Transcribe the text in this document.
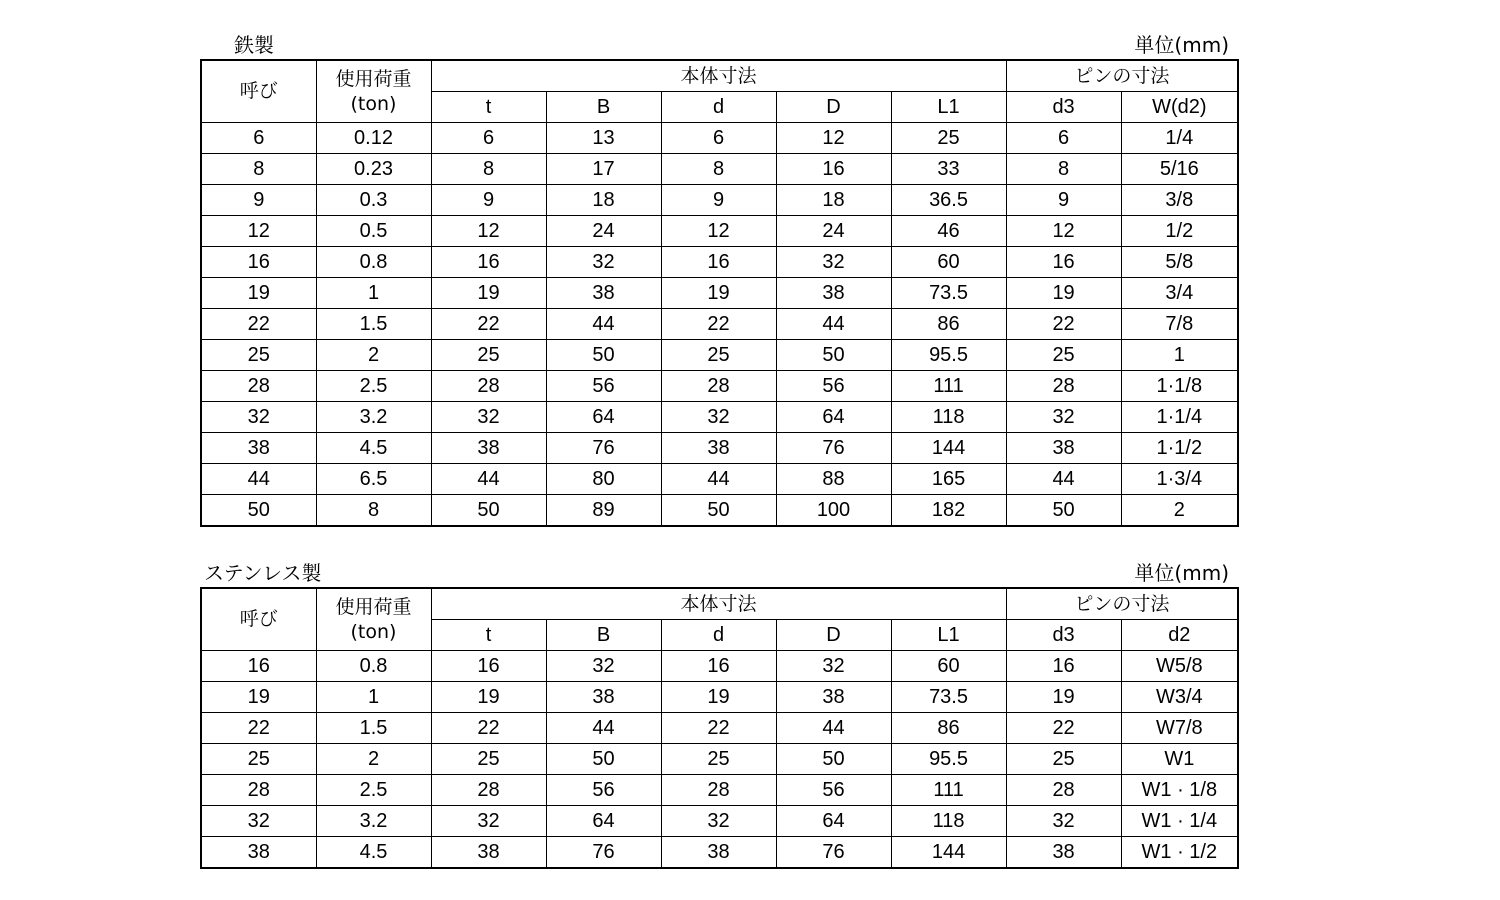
鉄製	単位(mm)
呼び	使用荷重
(ton)	本体寸法					ピンの寸法	
		t	B	d	D	L1	d3	W(d2)
6	0.12	6	13	6	12	25	6	1/4
8	0.23	8	17	8	16	33	8	5/16
9	0.3	9	18	9	18	36.5	9	3/8
12	0.5	12	24	12	24	46	12	1/2
16	0.8	16	32	16	32	60	16	5/8
19	1	19	38	19	38	73.5	19	3/4
22	1.5	22	44	22	44	86	22	7/8
25	2	25	50	25	50	95.5	25	1
28	2.5	28	56	28	56	111	28	1·1/8
32	3.2	32	64	32	64	118	32	1·1/4
38	4.5	38	76	38	76	144	38	1·1/2
44	6.5	44	80	44	88	165	44	1·3/4
50	8	50	89	50	100	182	50	2
ステンレス製	単位(mm)
呼び	使用荷重
(ton)	本体寸法					ピンの寸法	
		t	B	d	D	L1	d3	d2
16	0.8	16	32	16	32	60	16	W5/8
19	1	19	38	19	38	73.5	19	W3/4
22	1.5	22	44	22	44	86	22	W7/8
25	2	25	50	25	50	95.5	25	W1
28	2.5	28	56	28	56	111	28	W1 · 1/8
32	3.2	32	64	32	64	118	32	W1 · 1/4
38	4.5	38	76	38	76	144	38	W1 · 1/2
